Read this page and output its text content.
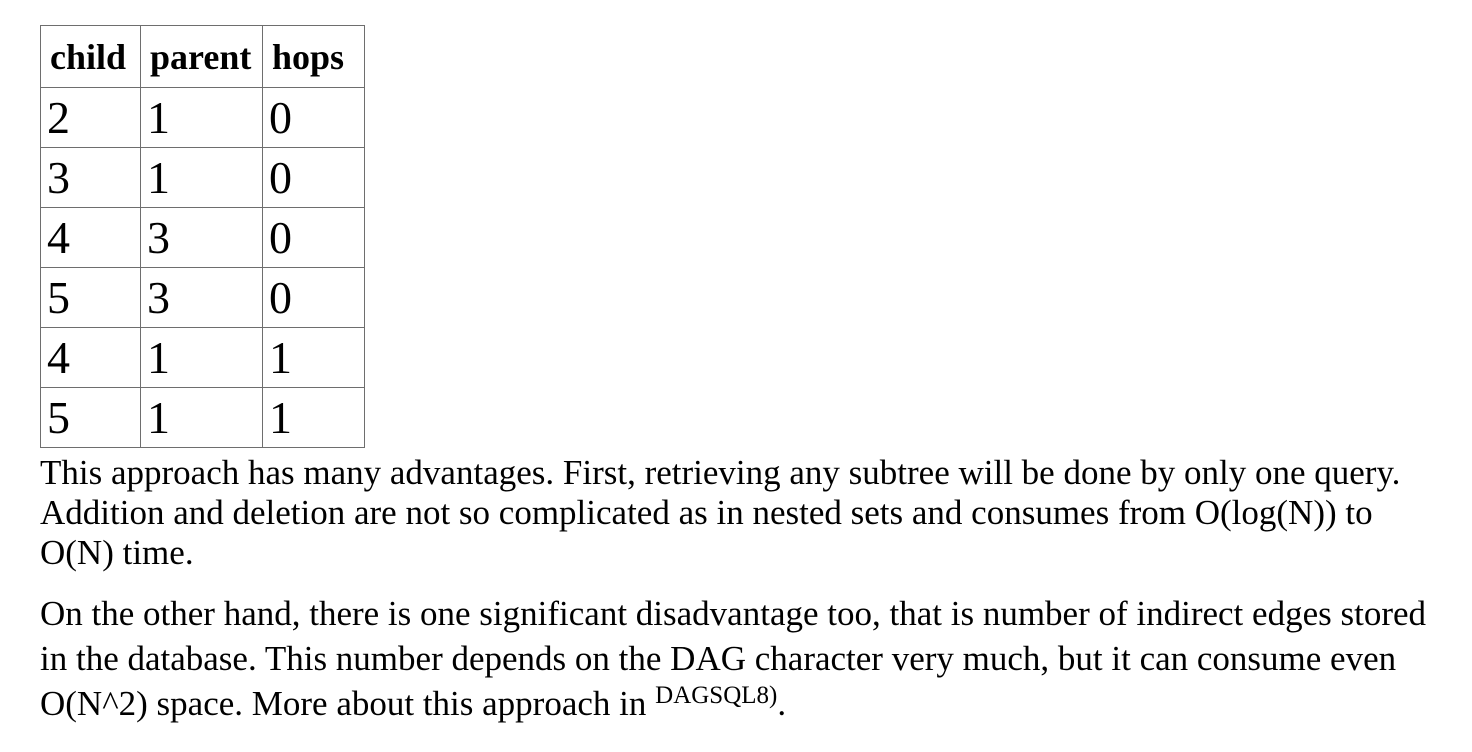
child	parent	hops
2	1	0
3	1	0
4	3	0
5	3	0
4	1	1
5	1	1
This approach has many advantages. First, retrieving any subtree will be done by only one query.
Addition and deletion are not so complicated as in nested sets and consumes from O(log(N)) to
O(N) time.
On the other hand, there is one significant disadvantage too, that is number of indirect edges stored
in the database. This number depends on the DAG character very much, but it can consume even
O(N^2) space. More about this approach in $^{DAGSQL8)}$.
